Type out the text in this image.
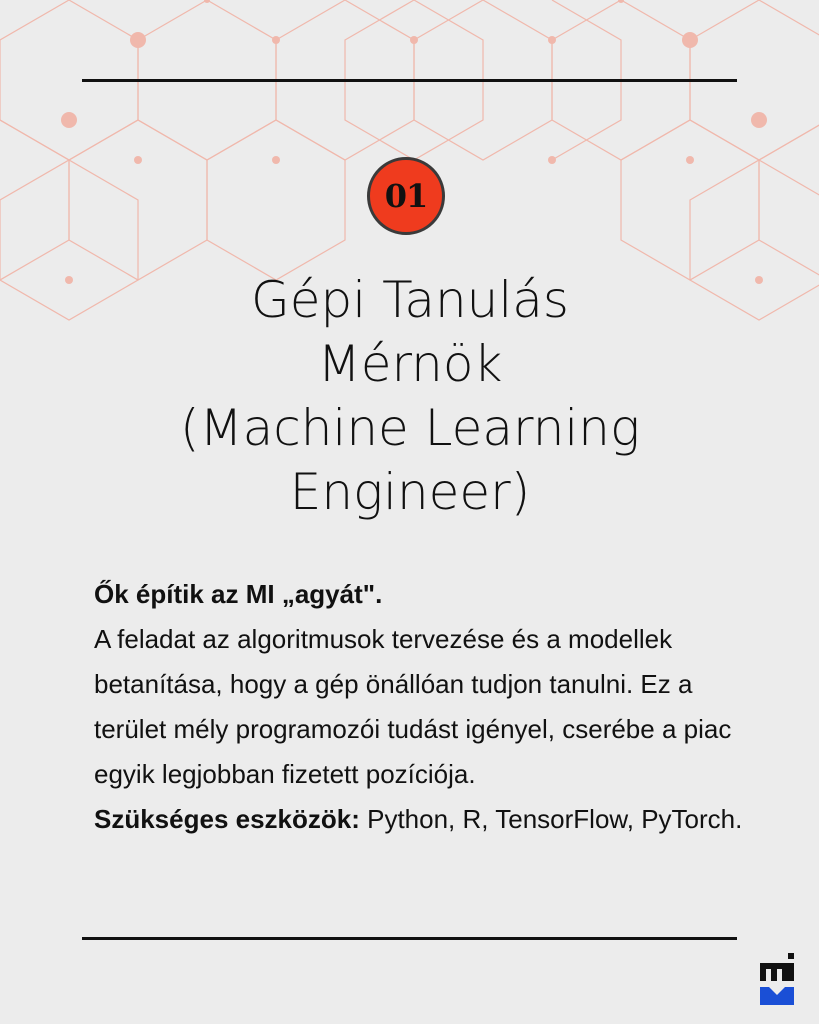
01
Gépi Tanulás
Mérnök
(Machine Learning
Engineer)

Ők építik az MI „agyát".

A feladat az algoritmusok tervezése és a modellek betanítása, hogy a gép önállóan tudjon tanulni. Ez a terület mély programozói tudást igényel, cserébe a piac egyik legjobban fizetett pozíciója.

Szükséges eszközök: Python, R, TensorFlow, PyTorch.
